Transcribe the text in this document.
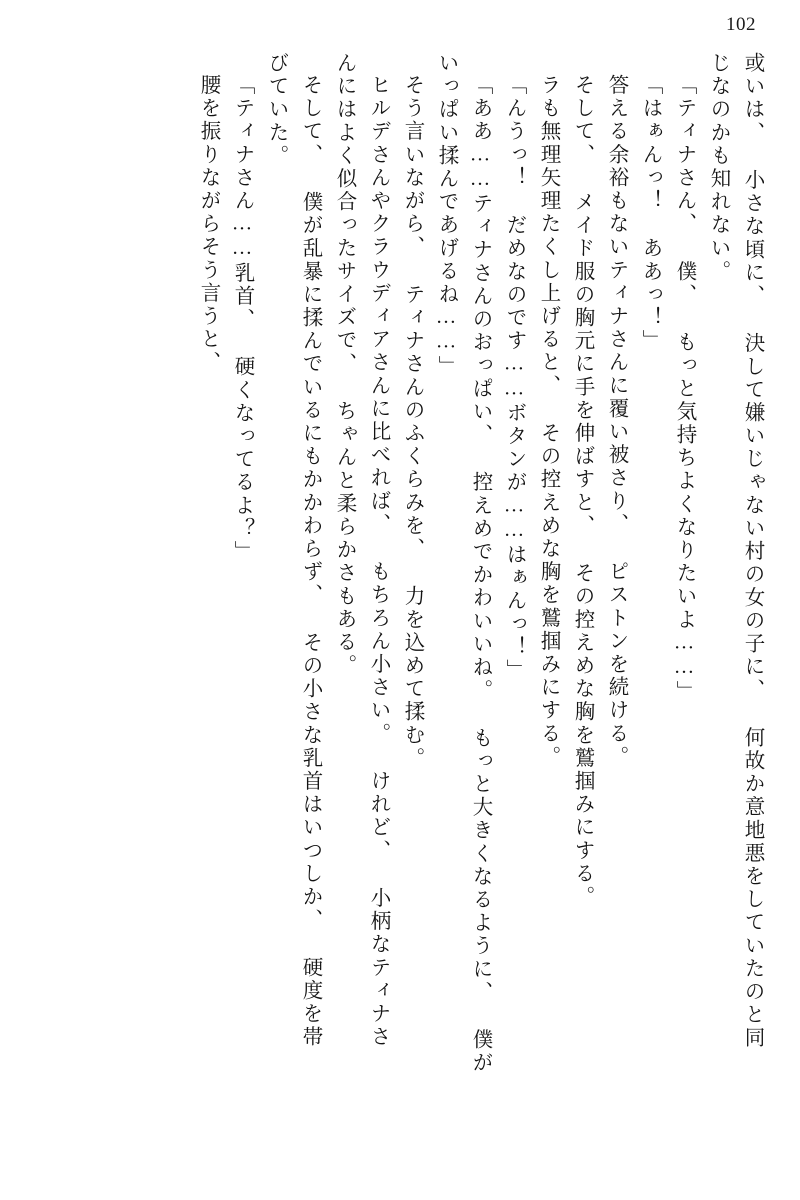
102
或いは、 小さな頃に、 決して嫌いじゃない村の女の子に、 何故か意地悪をしていたのと同
じなのかも知れない。
「ティナさん、 僕、 もっと気持ちよくなりたいよ……」
「はぁんっ！ ああっ！」
答える余裕もないティナさんに覆い被さり、 ピストンを続ける。
そして、 メイド服の胸元に手を伸ばすと、 その控えめな胸を鷲掴みにする。
ラも無理矢理たくし上げると、 その控えめな胸を鷲掴みにする。
「んうっ！ だめなのです……ボタンが……はぁんっ！」
「ああ……ティナさんのおっぱい、 控えめでかわいいね。 もっと大きくなるように、 僕が
いっぱい揉んであげるね……」
そう言いながら、 ティナさんのふくらみを、 力を込めて揉む。
ヒルデさんやクラウディアさんに比べれば、 もちろん小さい。 けれど、 小柄なティナさ
んにはよく似合ったサイズで、 ちゃんと柔らかさもある。
そして、 僕が乱暴に揉んでいるにもかかわらず、 その小さな乳首はいつしか、 硬度を帯
びていた。
「ティナさん……乳首、 硬くなってるよ？」
腰を振りながらそう言うと、
